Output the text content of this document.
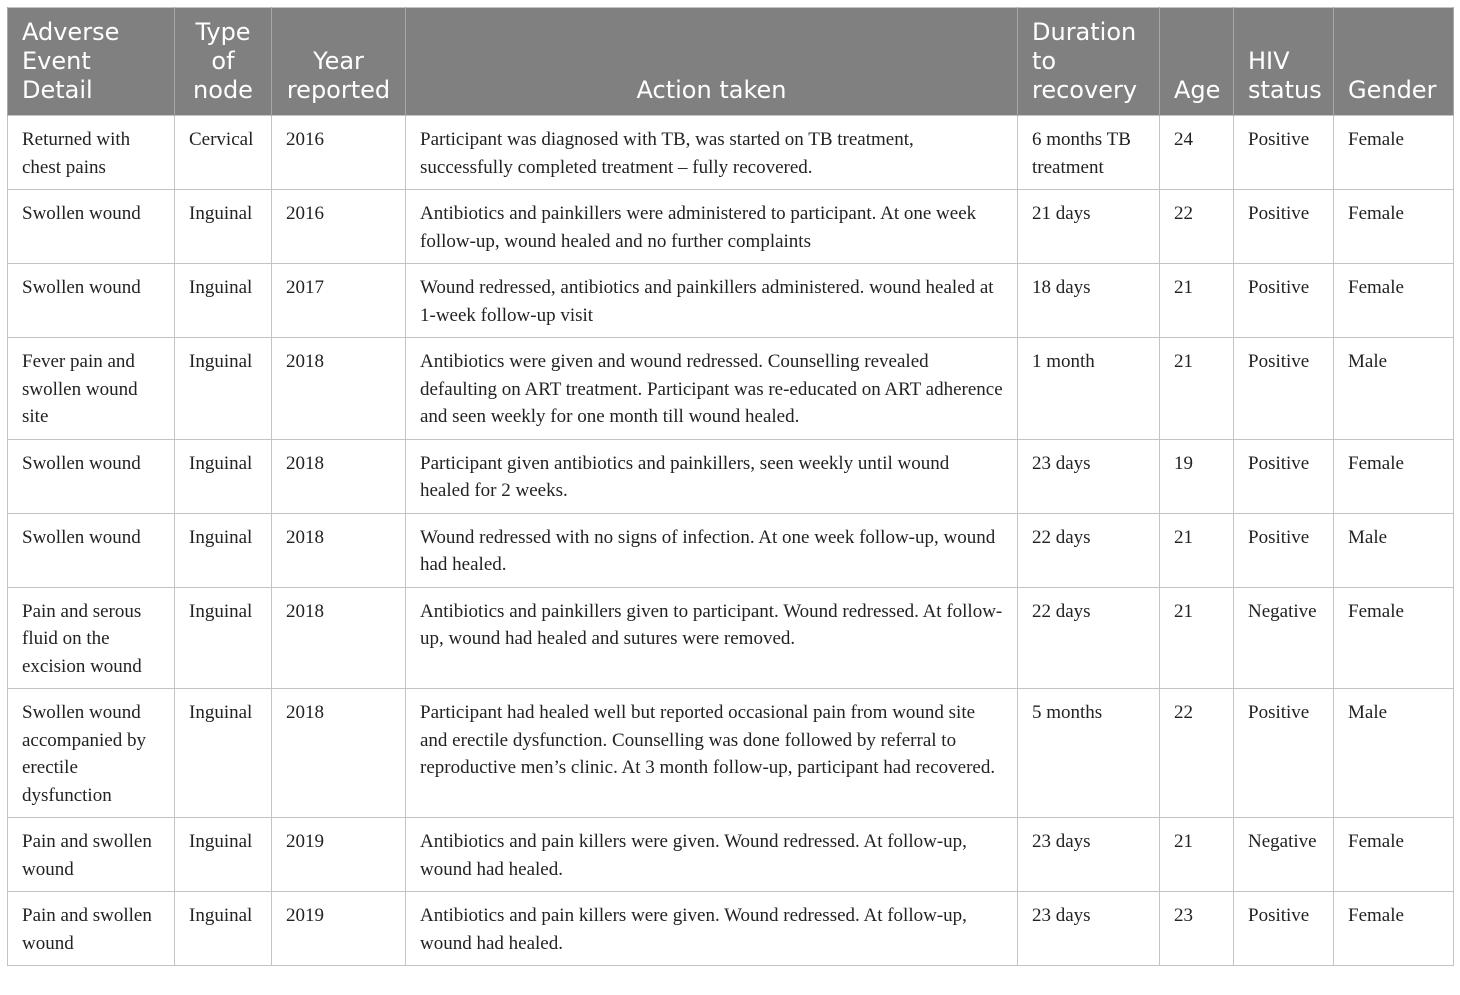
Adverse Event Detail	Type of node	Year reported	Action taken	Duration to recovery	Age	HIV status	Gender
Returned with chest pains	Cervical	2016	Participant was diagnosed with TB, was started on TB treatment, successfully completed treatment – fully recovered.	6 months TB treatment	24	Positive	Female
Swollen wound	Inguinal	2016	Antibiotics and painkillers were administered to participant. At one week follow-up, wound healed and no further complaints	21 days	22	Positive	Female
Swollen wound	Inguinal	2017	Wound redressed, antibiotics and painkillers administered. wound healed at 1-week follow-up visit	18 days	21	Positive	Female
Fever pain and swollen wound site	Inguinal	2018	Antibiotics were given and wound redressed. Counselling revealed defaulting on ART treatment. Participant was re-educated on ART adherence and seen weekly for one month till wound healed.	1 month	21	Positive	Male
Swollen wound	Inguinal	2018	Participant given antibiotics and painkillers, seen weekly until wound healed for 2 weeks.	23 days	19	Positive	Female
Swollen wound	Inguinal	2018	Wound redressed with no signs of infection. At one week follow-up, wound had healed.	22 days	21	Positive	Male
Pain and serous fluid on the excision wound	Inguinal	2018	Antibiotics and painkillers given to participant. Wound redressed. At follow-up, wound had healed and sutures were removed.	22 days	21	Negative	Female
Swollen wound accompanied by erectile dysfunction	Inguinal	2018	Participant had healed well but reported occasional pain from wound site and erectile dysfunction. Counselling was done followed by referral to reproductive men’s clinic. At 3 month follow-up, participant had recovered.	5 months	22	Positive	Male
Pain and swollen wound	Inguinal	2019	Antibiotics and pain killers were given. Wound redressed. At follow-up, wound had healed.	23 days	21	Negative	Female
Pain and swollen wound	Inguinal	2019	Antibiotics and pain killers were given. Wound redressed. At follow-up, wound had healed.	23 days	23	Positive	Female
